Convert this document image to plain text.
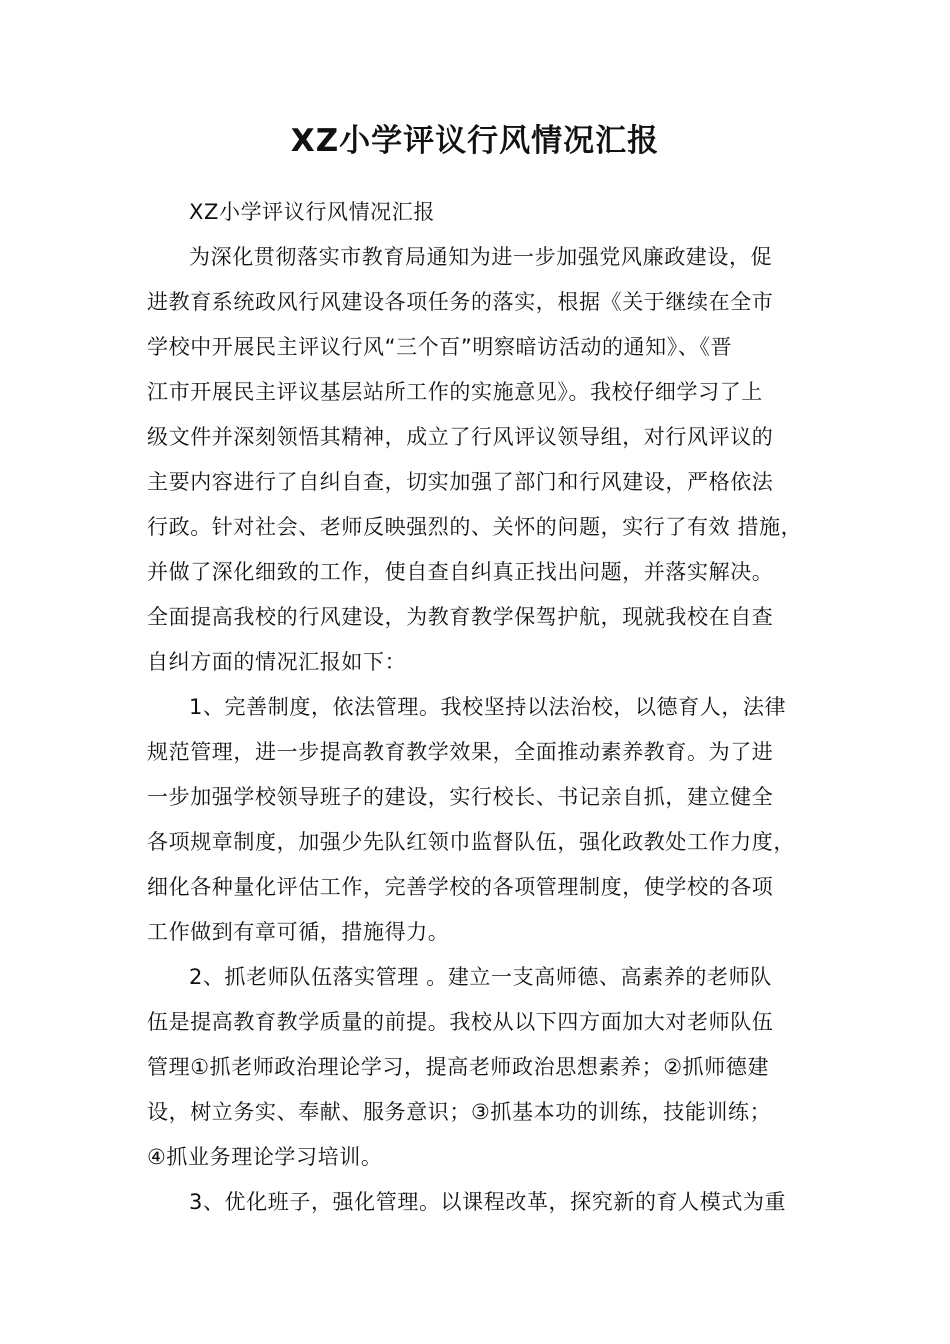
XZ小学评议行风情况汇报

XZ小学评议行风情况汇报

为深化贯彻落实市教育局通知为进一步加强党风廉政建设，促
进教育系统政风行风建设各项任务的落实，根据《关于继续在全市
学校中开展民主评议行风“三个百”明察暗访活动的通知》、《晋
江市开展民主评议基层站所工作的实施意见》。我校仔细学习了上
级文件并深刻领悟其精神，成立了行风评议领导组，对行风评议的
主要内容进行了自纠自查，切实加强了部门和行风建设，严格依法
行政。针对社会、老师反映强烈的、关怀的问题，实行了有效 措施，
并做了深化细致的工作，使自查自纠真正找出问题，并落实解决。
全面提高我校的行风建设，为教育教学保驾护航，现就我校在自查
自纠方面的情况汇报如下：
1、完善制度，依法管理。我校坚持以法治校，以德育人，法律
规范管理，进一步提高教育教学效果，全面推动素养教育。为了进
一步加强学校领导班子的建设，实行校长、书记亲自抓，建立健全
各项规章制度，加强少先队红领巾监督队伍，强化政教处工作力度，
细化各种量化评估工作，完善学校的各项管理制度，使学校的各项
工作做到有章可循，措施得力。
2、抓老师队伍落实管理 。建立一支高师德、高素养的老师队
伍是提高教育教学质量的前提。我校从以下四方面加大对老师队伍
管理①抓老师政治理论学习，提高老师政治思想素养；②抓师德建
设，树立务实、奉献、服务意识；③抓基本功的训练，技能训练；
④抓业务理论学习培训。
3、优化班子，强化管理。以课程改革，探究新的育人模式为重
